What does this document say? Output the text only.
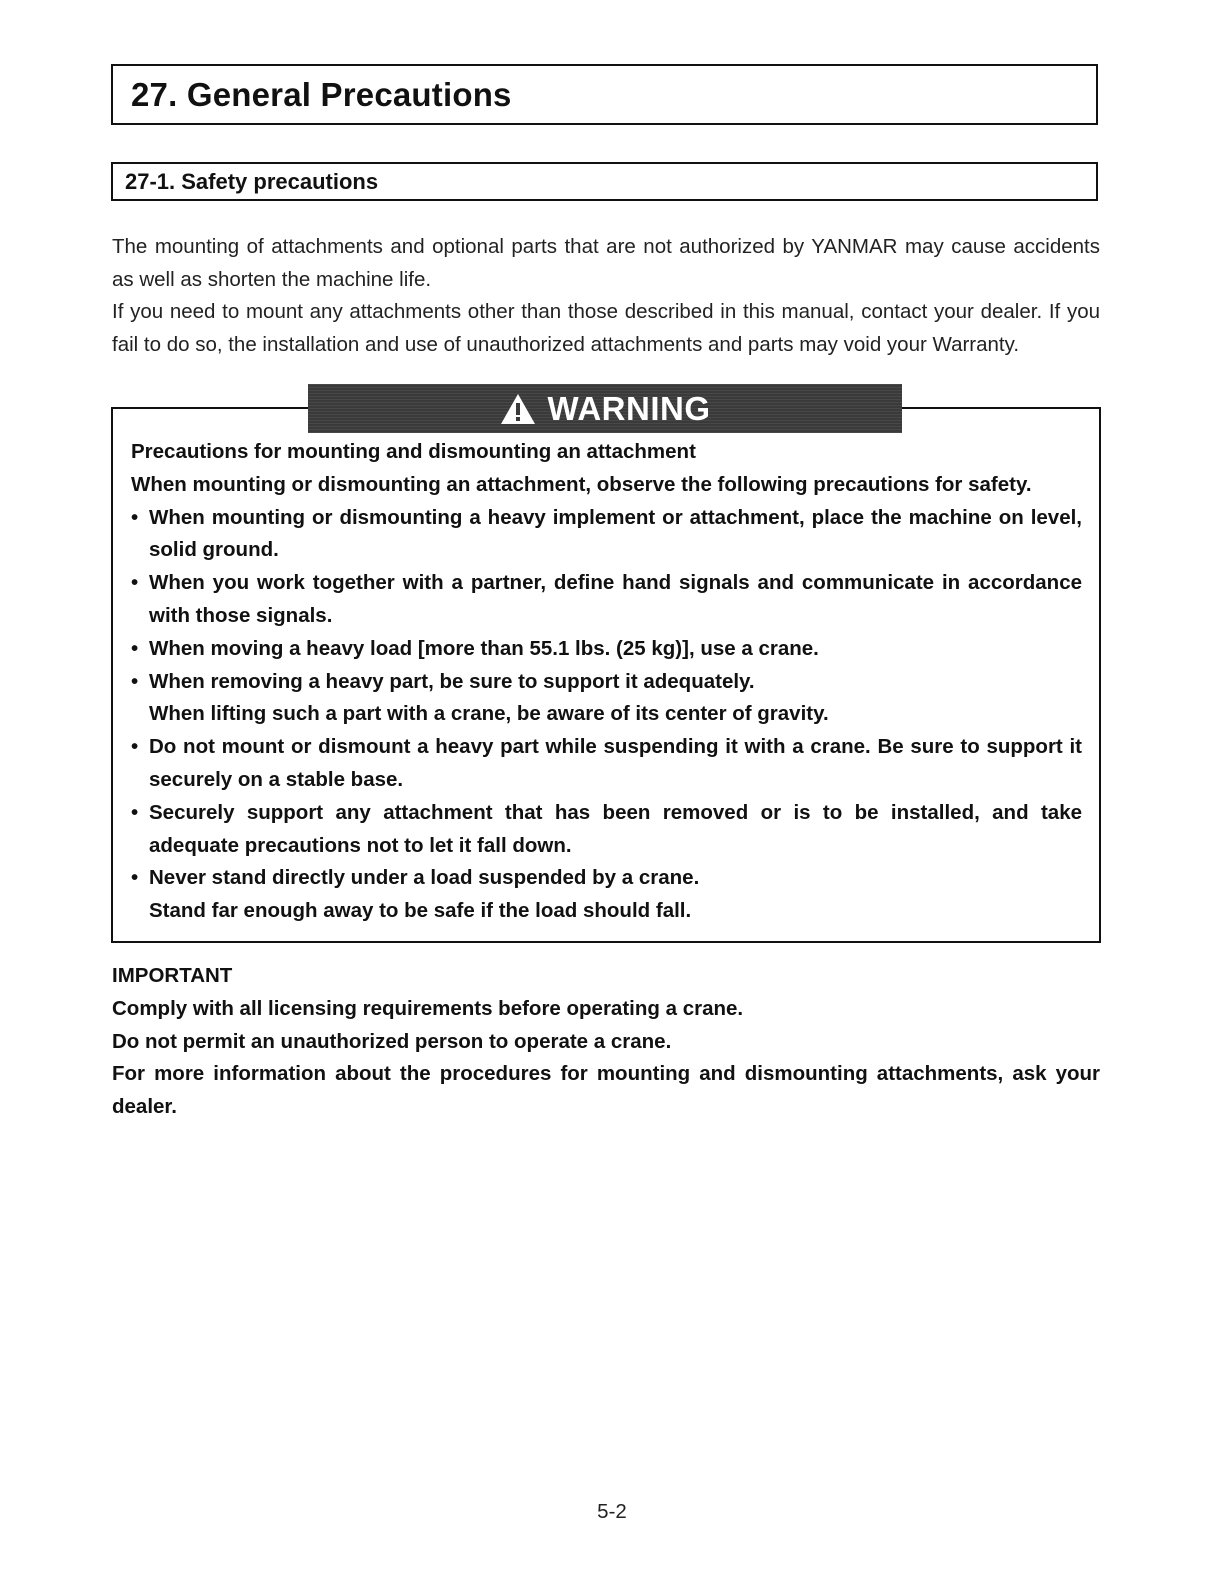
27. General Precautions
27-1. Safety precautions

The mounting of attachments and optional parts that are not authorized by YANMAR may cause accidents as well as shorten the machine life.

If you need to mount any attachments other than those described in this manual, contact your dealer. If you fail to do so, the installation and use of unauthorized attachments and parts may void your Warranty.

WARNING

Precautions for mounting and dismounting an attachment

When mounting or dismounting an attachment, observe the following precautions for safety.

• When mounting or dismounting a heavy implement or attachment, place the machine on level, solid ground.
• When you work together with a partner, define hand signals and communicate in accordance with those signals.
• When moving a heavy load [more than 55.1 lbs. (25 kg)], use a crane.
• When removing a heavy part, be sure to support it adequately.
When lifting such a part with a crane, be aware of its center of gravity.
• Do not mount or dismount a heavy part while suspending it with a crane. Be sure to support it securely on a stable base.
• Securely support any attachment that has been removed or is to be installed, and take adequate precautions not to let it fall down.
• Never stand directly under a load suspended by a crane.
Stand far enough away to be safe if the load should fall.

IMPORTANT

Comply with all licensing requirements before operating a crane.

Do not permit an unauthorized person to operate a crane.

For more information about the procedures for mounting and dismounting attachments, ask your dealer.

5-2
